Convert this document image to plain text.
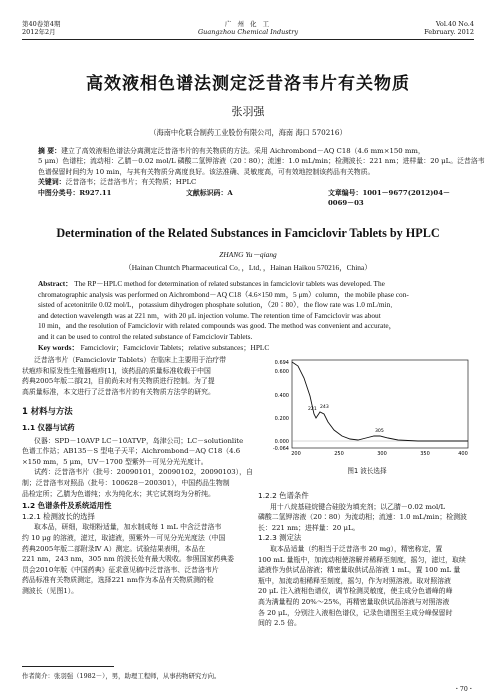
第40卷第4期
2012年2月
广 州 化 工
Guangzhou Chemical Industry
Vol.40 No.4
February. 2012
高效液相色谱法测定泛昔洛韦片有关物质
张羽强
（海南中化联合制药工业股份有限公司，海南 海口 570216）
摘 要：建立了高效液相色谱法分离测定泛昔洛韦片的有关物质的方法。采用 Aichrombond－AQ C18（4.6 mm×150 mm，
5 μm）色谱柱；流动相：乙腈－0.02 mol/L 磷酸二氢钾溶液（20∶80）；流速：1.0 mL/min；检测波长：221 nm；进样量：20 μL。泛昔洛韦
色谱保留时间约为 10 min，与其有关物质分离度良好。该法准确、灵敏度高，可有效地控制该药品有关物质。
关键词：泛昔洛韦；泛昔洛韦片；有关物质；HPLC
中图分类号：R927.11	文献标识码：A	文章编号：1001－9677(2012)04－0069－03
Determination of the Related Substances in Famciclovir Tablets by HPLC
ZHANG Yu－qiang
（Hainan Chuntch Pharmaceutical Co．，Ltd．，Hainan Haikou 570216，China）
Abstract： The RP－HPLC method for determination of related substances in famciclovir tablets was developed. The
chromatographic analysis was performed on Aichrombond－AQ C18（4.6×150 mm，5 μm）column，the mobile phase con-
sisted of acetonitrile 0.02 mol/L，potassium dihydrogen phosphate solution，（20∶80）．the flow rate was 1.0 mL/min．
and detection wavelength was at 221 nm，with 20 μL injection volume. The retention time of Famciclovir was about
10 min，and the resolution of Famciclovir with related compounds was good. The method was convenient and accurate，
and it can be used to control the related substance of Famciclovir Tablets.
Key words： Famciclovir；Famciclovir Tablets；relative substances；HPLC
泛昔洛韦片（Famciclovir Tablets）在临床上主要用于治疗带
状疱疹和原发性生殖器疱疹[1]，该药品的质量标准收载于中国
药典2005年版二部[2]，目前尚未对有关物质进行控制。为了提
高质量标准，本文进行了泛昔洛韦片的有关物质方法学的研究。
1 材料与方法
1.1 仪器与试药
仪器：SPD－10AVP LC－10ATVP，岛津公司；LC－solutionlite
色谱工作站；AB135－S 型电子天平；Aichrombond－AQ C18（4.6
×150 mm，5 μm，UV－1700 型紫外－可见分光光度计。
试药：泛昔洛韦片（批号：20090101，20090102，20090103），自
制；泛昔洛韦对照品（批号：100628－200301），中国药品生物制
品检定所；乙腈为色谱纯；水为纯化水；其它试剂均为分析纯。
1.2 色谱条件及系统适用性
1.2.1 检测波长的选择
取本品，研细，取细粉适量，加水制成每 1 mL 中含泛昔洛韦
约 10 μg 的溶液，滤过，取滤液，照紫外－可见分光光度法（中国
药典2005年版二部附录Ⅳ A）测定。试验结果表明，本品在
221 nm，243 nm，305 nm 的波长处有最大吸收。参照国家药典委
员会2010年版《中国药典》征求意见稿中泛昔洛韦、泛昔洛韦片
药品标准有关物质测定，选择221 nm作为本品有关物质测的检
测波长（见图1）。
0.694
0.600
0.400
0.200
0.000
-0.064
221 243
305
200	250	300	350	400
图1 波长选择
1.2.2 色谱条件
用十八烷基硅烷键合硅胶为填充剂；以乙腈－0.02 mol/L
磷酸二氢钾溶液（20∶80）为流动相；流速：1.0 mL/min；检测波
长：221 nm；进样量：20 μL。
1.2.3 测定法
取本品适量（约相当于泛昔洛韦 20 mg），精密称定，置
100 mL 量瓶中，加流动相使溶解并稀释至刻度，摇匀，滤过，取续
滤液作为供试品溶液；精密量取供试品溶液 1 mL，置 100 mL 量
瓶中，加流动相稀释至刻度，摇匀，作为对照溶液。取对照溶液
20 μL 注入液相色谱仪，调节检测灵敏度，使主成分色谱峰的峰
高为满量程的 20%～25%，再精密量取供试品溶液与对照溶液
各 20 μL，分别注入液相色谱仪，记录色谱图至主成分峰保留时
间的 2.5 倍。
作者简介：张羽强（1982－），男，助理工程师，从事药物研究方向。
・70・
